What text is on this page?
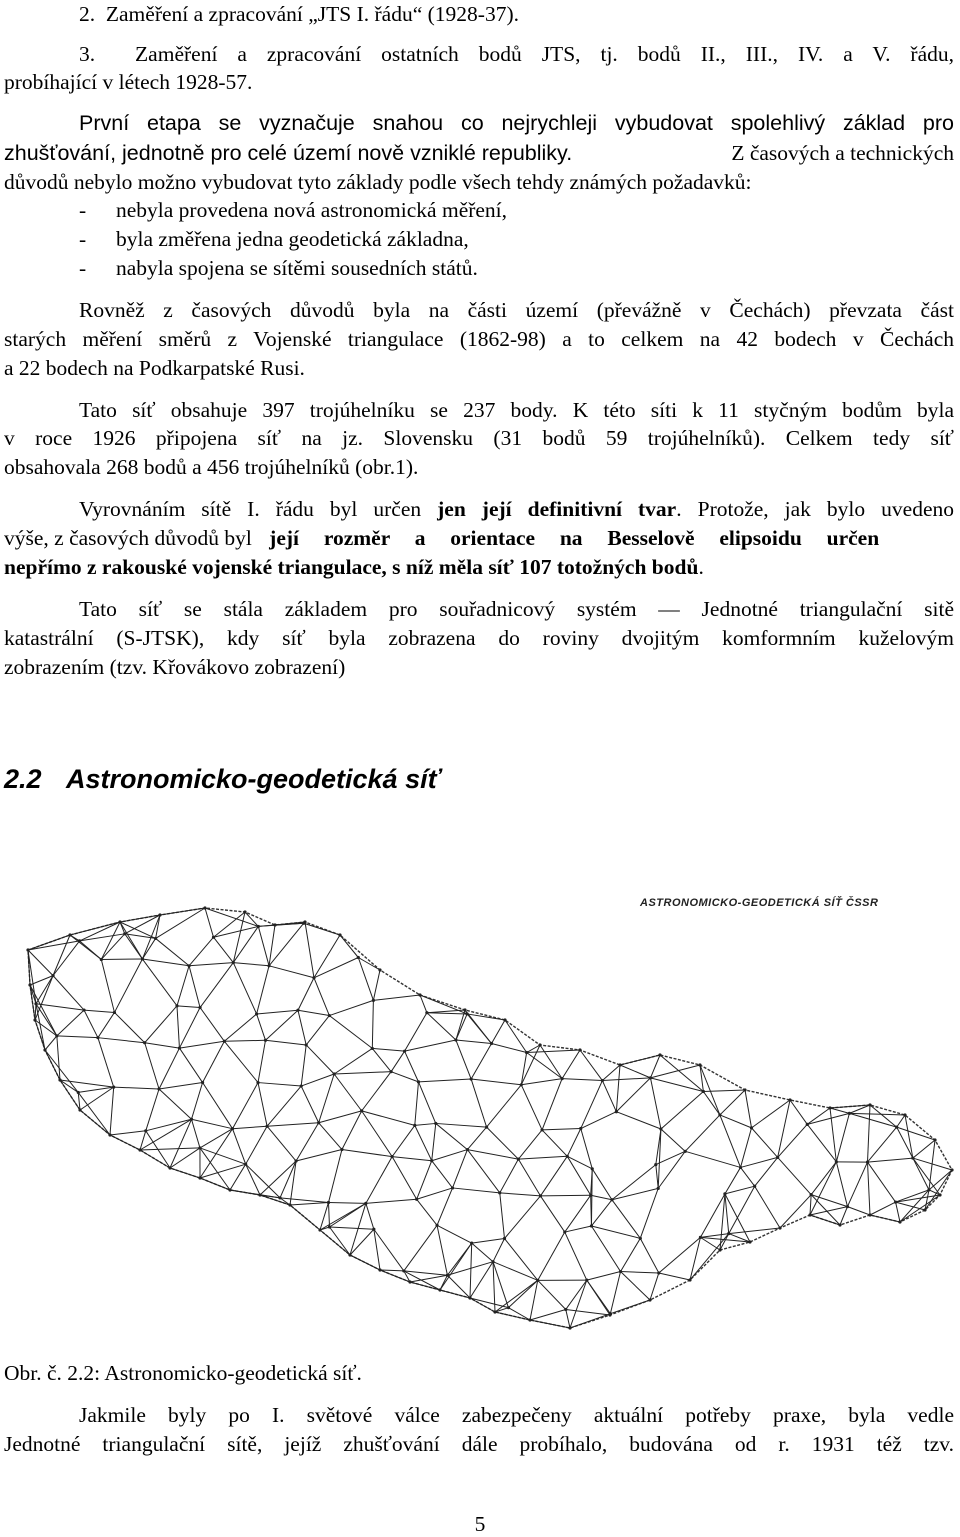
2.  Zaměření a zpracování „JTS I. řádu“ (1928-37).
3.  Zaměření a zpracování ostatních bodů JTS, tj. bodů II., III., IV. a V. řádu,
probíhající v létech 1928-57.
První etapa se vyznačuje snahou co nejrychleji vybudovat spolehlivý základ pro
zhušťování, jednotně pro celé území nově vzniklé republiky.	Z časových a technických
důvodů nebylo možno vybudovat tyto základy podle všech tehdy známých požadavků:
- nebyla provedena nová astronomická měření,
- byla změřena jedna geodetická základna,
- nabyla spojena se sítěmi sousedních států.
Rovněž z časových důvodů byla na části území (převážně v Čechách) převzata část
starých měření směrů z Vojenské triangulace (1862-98) a to celkem na 42 bodech v Čechách
a 22 bodech na Podkarpatské Rusi.
Tato síť obsahuje 397 trojúhelníku se 237 body. K této síti k 11 styčným bodům byla
v roce 1926 připojena síť na jz. Slovensku (31 bodů 59 trojúhelníků). Celkem tedy síť
obsahovala 268 bodů a 456 trojúhelníků (obr.1).
Vyrovnáním sítě I. řádu byl určen jen její definitivní tvar. Protože, jak bylo uvedeno
výše, z časových důvodů byl její rozměr a orientace na Besselově elipsoidu určen
nepřímo z rakouské vojenské triangulace, s níž měla síť 107 totožných bodů.
Tato síť se stála základem pro souřadnicový systém — Jednotné triangulační sitě
katastrální (S-JTSK), kdy síť byla zobrazena do roviny dvojitým komformním kuželovým
zobrazením (tzv. Křovákovo zobrazení)
2.2 Astronomicko-geodetická síť
ASTRONOMICKO-GEODETICKÁ SÍŤ ČSSR
Obr. č. 2.2: Astronomicko-geodetická síť.
Jakmile byly po I. světové válce zabezpečeny aktuální potřeby praxe, byla vedle
Jednotné triangulační sítě, jejíž zhušťování dále probíhalo, budována od r. 1931 též tzv.
5
